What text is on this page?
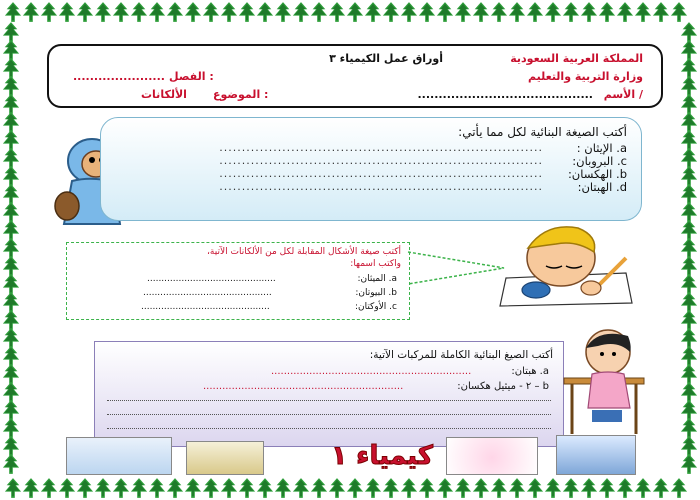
المملكة العربية السعودية
أوراق عمل الكيمياء ٣
وزارة التربية والتعليم
الفصل :
......................
الأسم /
..........................................
الموضوع :
الألكانات
أكتب الصيغة البنائية لكل مما يأتي:
a. الإيثان :
........................................................................
c. البروبان:
........................................................................
b. الهكسان:
........................................................................
d. الهبتان:
........................................................................
أكتب صيغة الأشكال المقابلة لكل من الألكانات الآتية،
واكتب اسمها:
a. الميثان:
.............................................
b. البيوتان:
.............................................
c. الأوكتان:
.............................................
أكتب الصيغ البنائية الكاملة للمركبات الآتية:
a. هبتان:
...............................................................
b – ٢ - ميثيل هكسان:
...............................................................
كيمياء ١
